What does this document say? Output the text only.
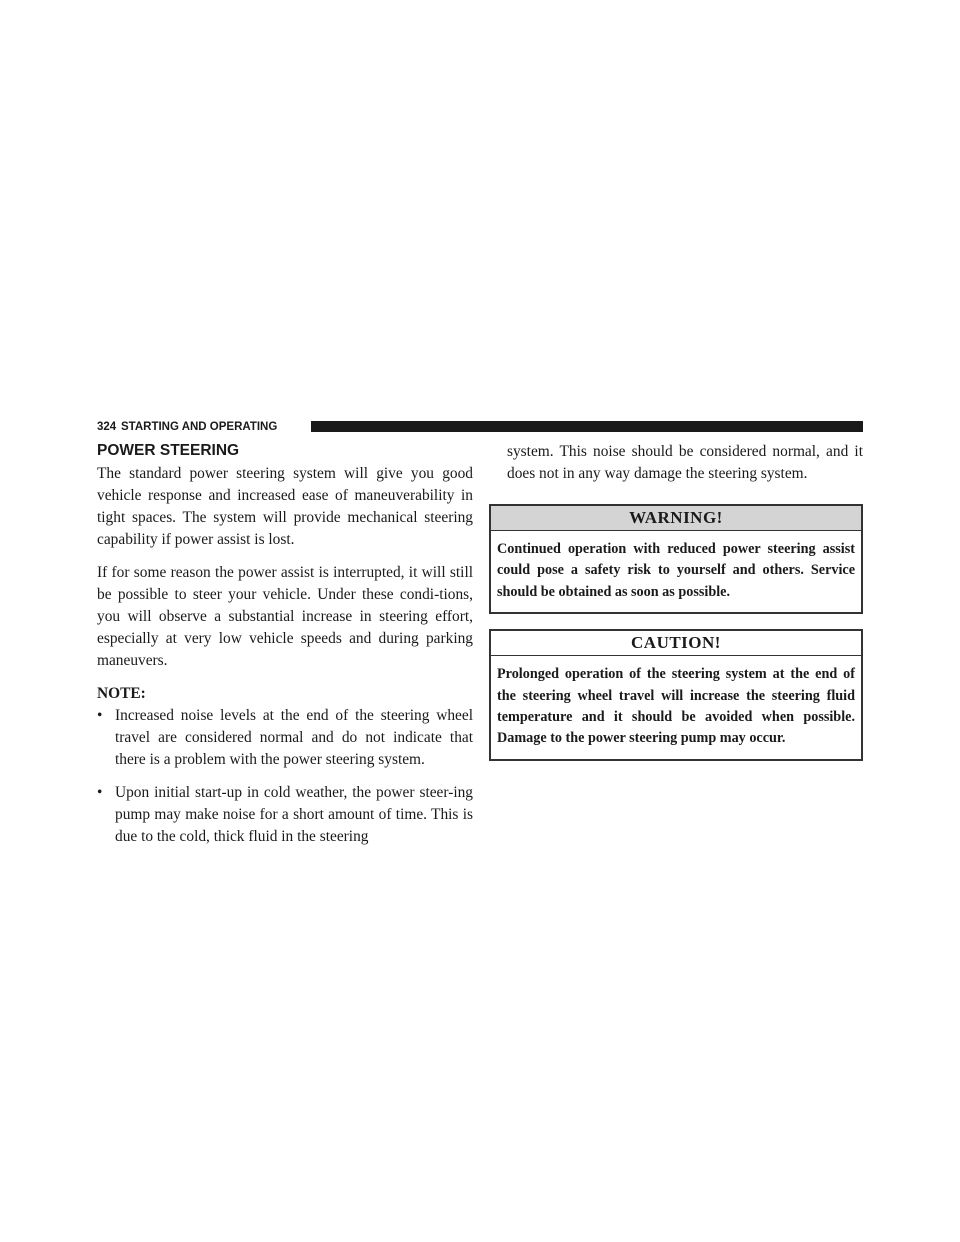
324 STARTING AND OPERATING
POWER STEERING

The standard power steering system will give you good vehicle response and increased ease of maneuverability in tight spaces. The system will provide mechanical steering capability if power assist is lost.

If for some reason the power assist is interrupted, it will still be possible to steer your vehicle. Under these condi-tions, you will observe a substantial increase in steering effort, especially at very low vehicle speeds and during parking maneuvers.

NOTE:

• Increased noise levels at the end of the steering wheel travel are considered normal and do not indicate that there is a problem with the power steering system.
• Upon initial start-up in cold weather, the power steer-ing pump may make noise for a short amount of time. This is due to the cold, thick fluid in the steering

system. This noise should be considered normal, and it does not in any way damage the steering system.

WARNING!
Continued operation with reduced power steering assist could pose a safety risk to yourself and others. Service should be obtained as soon as possible.
CAUTION!
Prolonged operation of the steering system at the end of the steering wheel travel will increase the steering fluid temperature and it should be avoided when possible. Damage to the power steering pump may occur.
